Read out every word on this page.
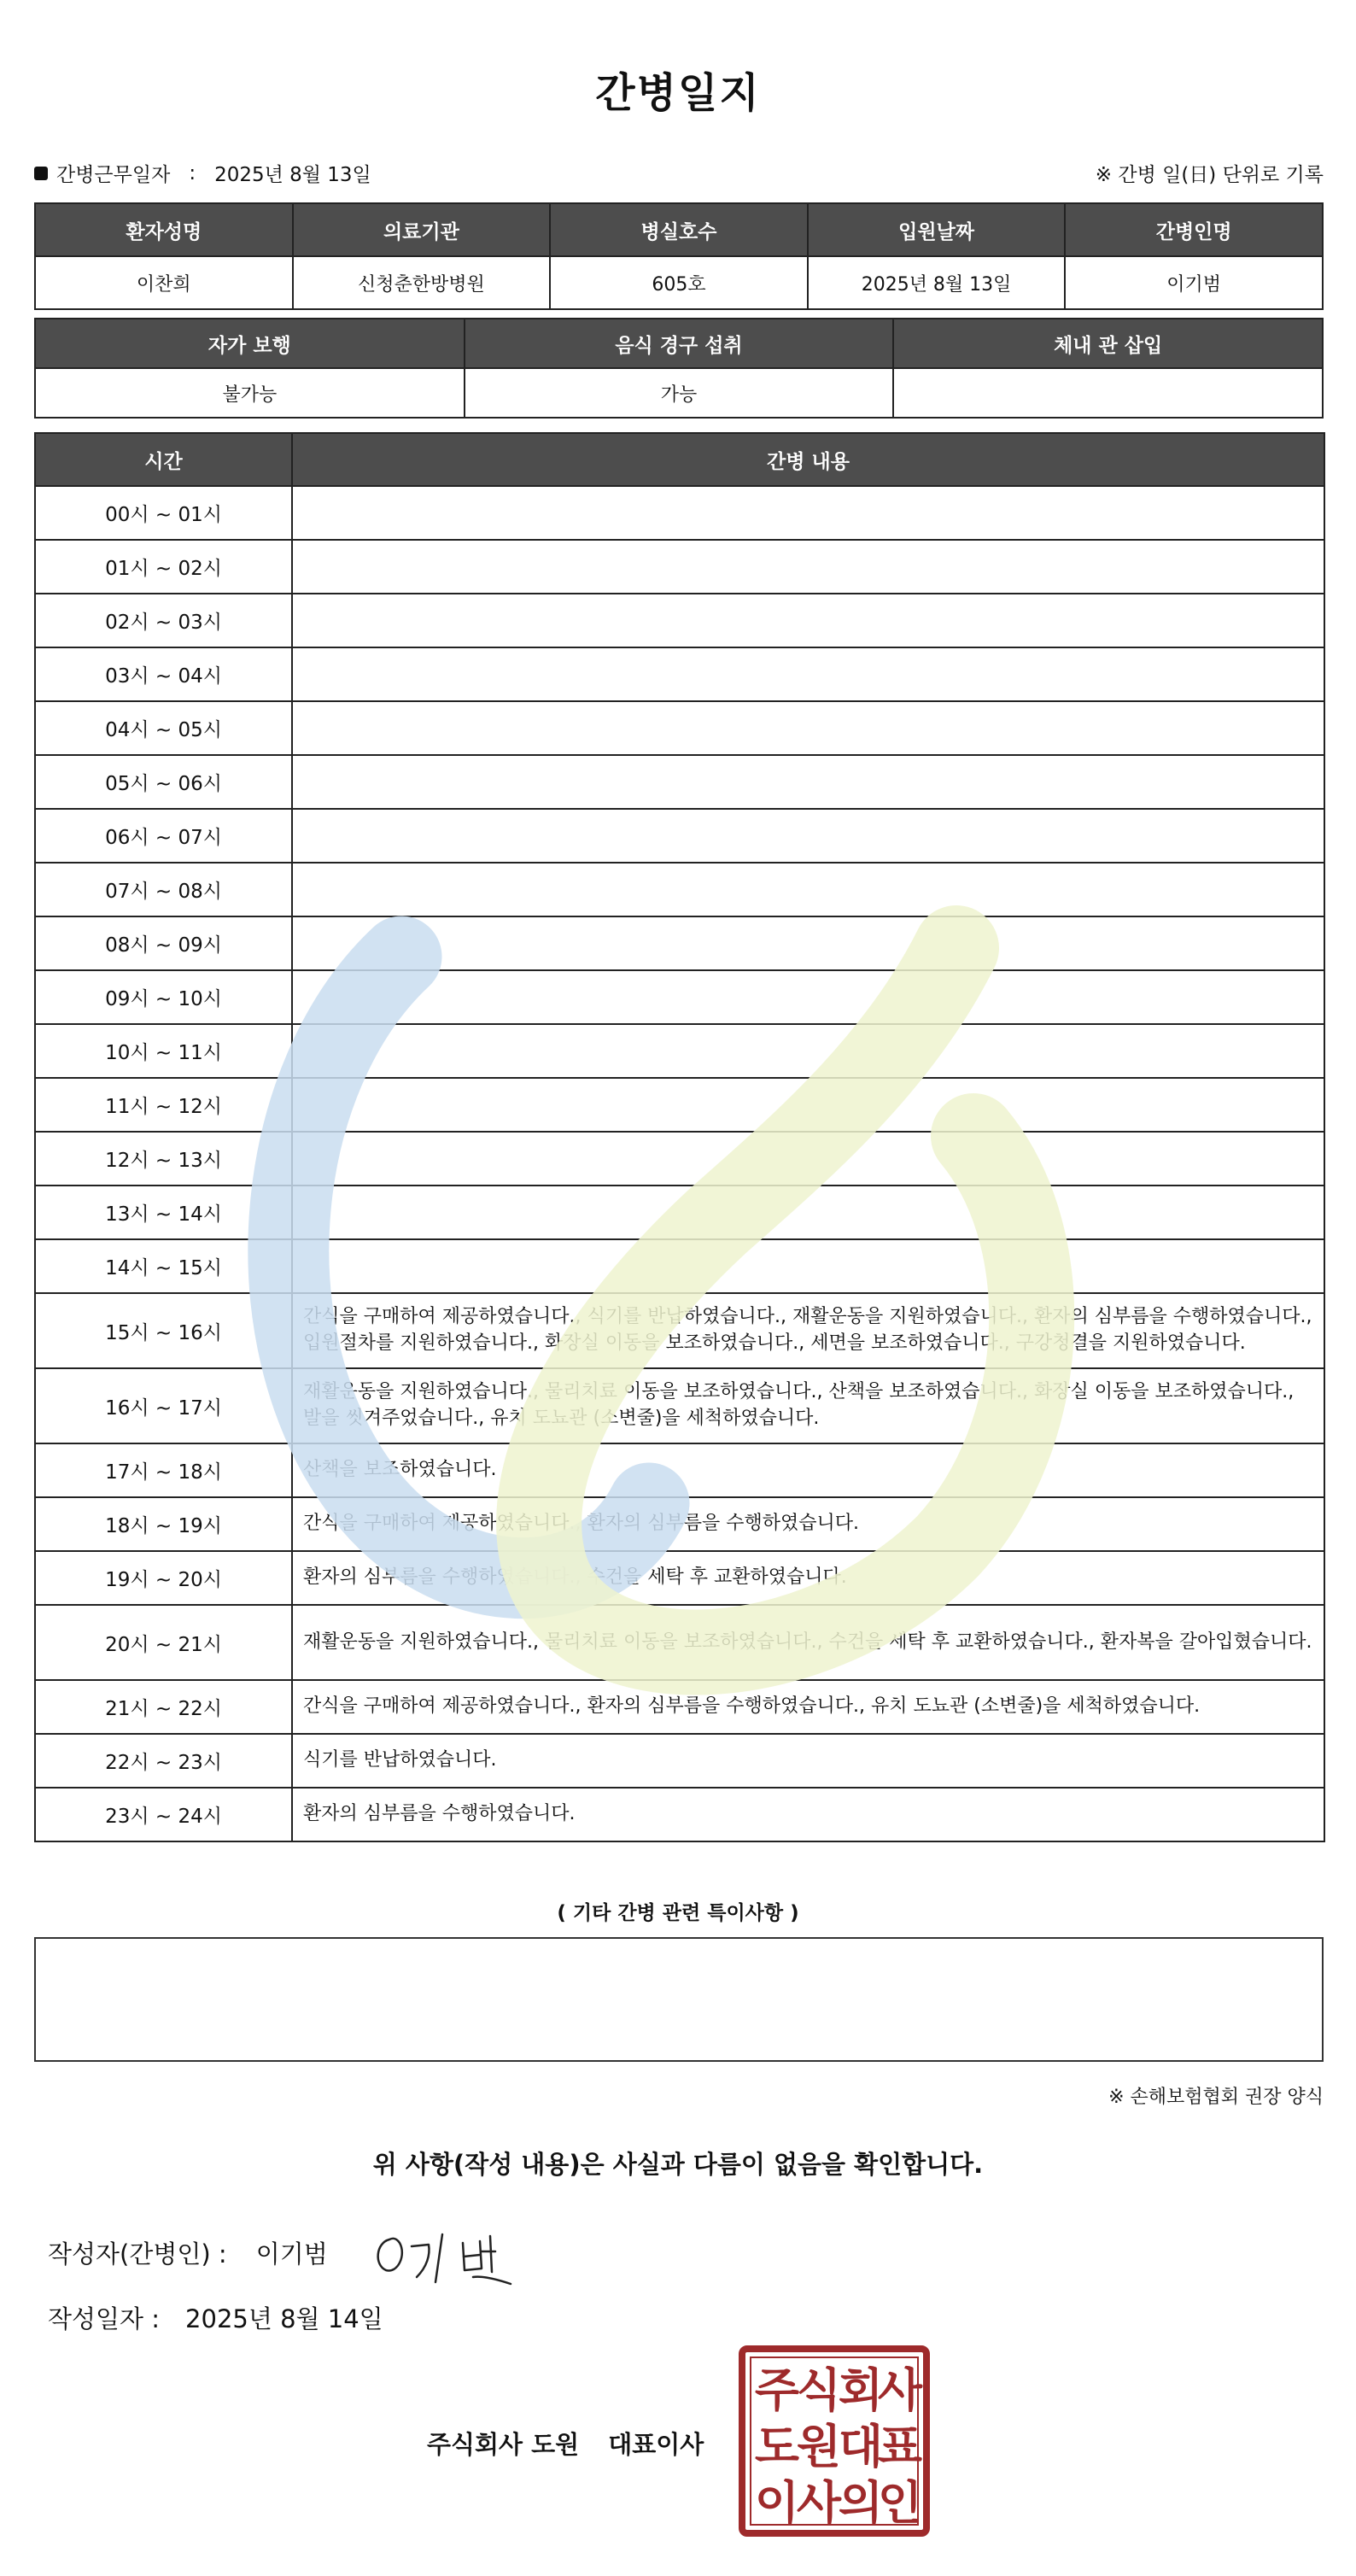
간병일지
간병근무일자 : 2025년 8월 13일	※ 간병 일(日) 단위로 기록
환자성명	의료기관	병실호수	입원날짜	간병인명
이찬희	신청춘한방병원	605호	2025년 8월 13일	이기범
자가 보행	음식 경구 섭취	체내 관 삽입
불가능	가능	
시간	간병 내용
00시 ~ 01시	
01시 ~ 02시	
02시 ~ 03시	
03시 ~ 04시	
04시 ~ 05시	
05시 ~ 06시	
06시 ~ 07시	
07시 ~ 08시	
08시 ~ 09시	
09시 ~ 10시	
10시 ~ 11시	
11시 ~ 12시	
12시 ~ 13시	
13시 ~ 14시	
14시 ~ 15시	
15시 ~ 16시	간식을 구매하여 제공하였습니다., 식기를 반납하였습니다., 재활운동을 지원하였습니다., 환자의 심부름을 수행하였습니다., 입원절차를 지원하였습니다., 화장실 이동을 보조하였습니다., 세면을 보조하였습니다., 구강청결을 지원하였습니다.
16시 ~ 17시	재활운동을 지원하였습니다., 물리치료 이동을 보조하였습니다., 산책을 보조하였습니다., 화장실 이동을 보조하였습니다., 발을 씻겨주었습니다., 유치 도뇨관 (소변줄)을 세척하였습니다.
17시 ~ 18시	산책을 보조하였습니다.
18시 ~ 19시	간식을 구매하여 제공하였습니다., 환자의 심부름을 수행하였습니다.
19시 ~ 20시	환자의 심부름을 수행하였습니다., 수건을 세탁 후 교환하였습니다.
20시 ~ 21시	재활운동을 지원하였습니다., 물리치료 이동을 보조하였습니다., 수건을 세탁 후 교환하였습니다., 환자복을 갈아입혔습니다.
21시 ~ 22시	간식을 구매하여 제공하였습니다., 환자의 심부름을 수행하였습니다., 유치 도뇨관 (소변줄)을 세척하였습니다.
22시 ~ 23시	식기를 반납하였습니다.
23시 ~ 24시	환자의 심부름을 수행하였습니다.
( 기타 간병 관련 특이사항 )
※ 손해보험협회 권장 양식
위 사항(작성 내용)은 사실과 다름이 없음을 확인합니다.
작성자(간병인) : 이기범
작성일자 : 2025년 8월 14일
주식회사 도원 대표이사
주
식
회
사
도
원
대
표
이
사
의
인
